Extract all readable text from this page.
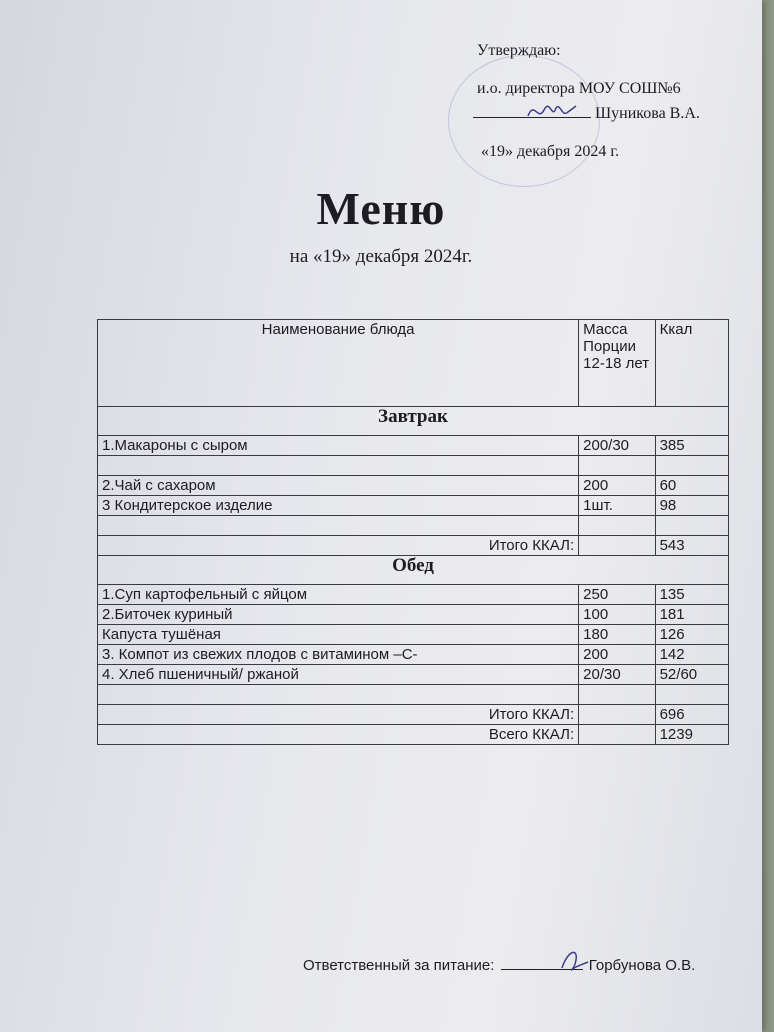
Утверждаю:
и.о. директора МОУ СОШ№6
Шуникова В.А.
«19» декабря 2024 г.
Меню
на «19» декабря 2024г.
Наименование блюда	Масса Порции 12-18 лет	Ккал
Завтрак		
1.Макароны с сыром	200/30	385

2.Чай с сахаром	200	60
3 Кондитерское изделие	1шт.	98

Итого ККАЛ:		543
Обед		
1.Суп картофельный с яйцом	250	135
2.Биточек куриный	100	181
Капуста тушёная	180	126
3. Компот из свежих плодов с витамином –С-	200	142
4. Хлеб пшеничный/ ржаной	20/30	52/60

Итого ККАЛ:		696
Всего ККАЛ:		1239
Ответственный за питание:	Горбунова О.В.
